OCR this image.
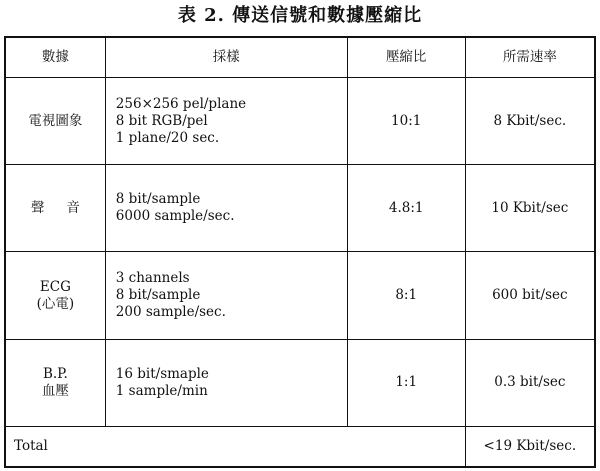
表 2. 傳送信號和數據壓縮比
數據	採樣	壓縮比	所需速率

電視圖象	256×256 pel/plane
8 bit RGB/pel
1 plane/20 sec.	10:1	8 Kbit/sec.

聲音	8 bit/sample
6000 sample/sec.	4.8:1	10 Kbit/sec

ECG
(心電)	3 channels
8 bit/sample
200 sample/sec.	8:1	600 bit/sec

B.P.
血壓	16 bit/smaple
1 sample/min	1:1	0.3 bit/sec
Total			<19 Kbit/sec.
